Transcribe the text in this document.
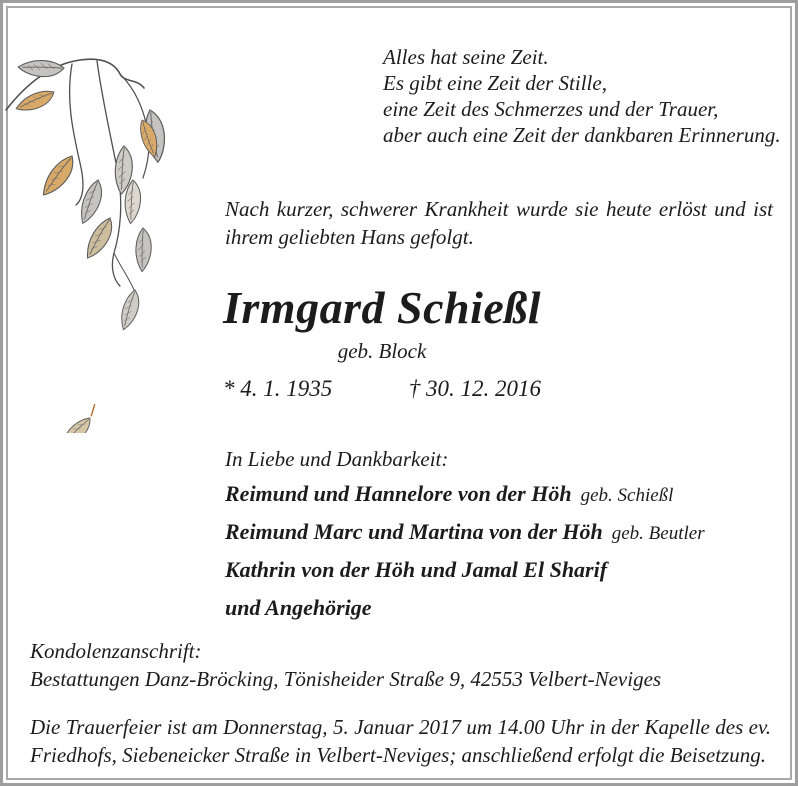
Alles hat seine Zeit.
Es gibt eine Zeit der Stille,
eine Zeit des Schmerzes und der Trauer,
aber auch eine Zeit der dankbaren Erinnerung.
Nach kurzer, schwerer Krankheit wurde sie heute erlöst und ist
ihrem geliebten Hans gefolgt.
Irmgard Schießl
geb. Block
* 4. 1. 1935	† 30. 12. 2016
In Liebe und Dankbarkeit:
Reimund und Hannelore von der Höh geb. Schießl
Reimund Marc und Martina von der Höh geb. Beutler
Kathrin von der Höh und Jamal El Sharif
und Angehörige
Kondolenzanschrift:
Bestattungen Danz-Bröcking, Tönisheider Straße 9, 42553 Velbert-Neviges
Die Trauerfeier ist am Donnerstag, 5. Januar 2017 um 14.00 Uhr in der Kapelle des ev.
Friedhofs, Siebeneicker Straße in Velbert-Neviges; anschließend erfolgt die Beisetzung.
